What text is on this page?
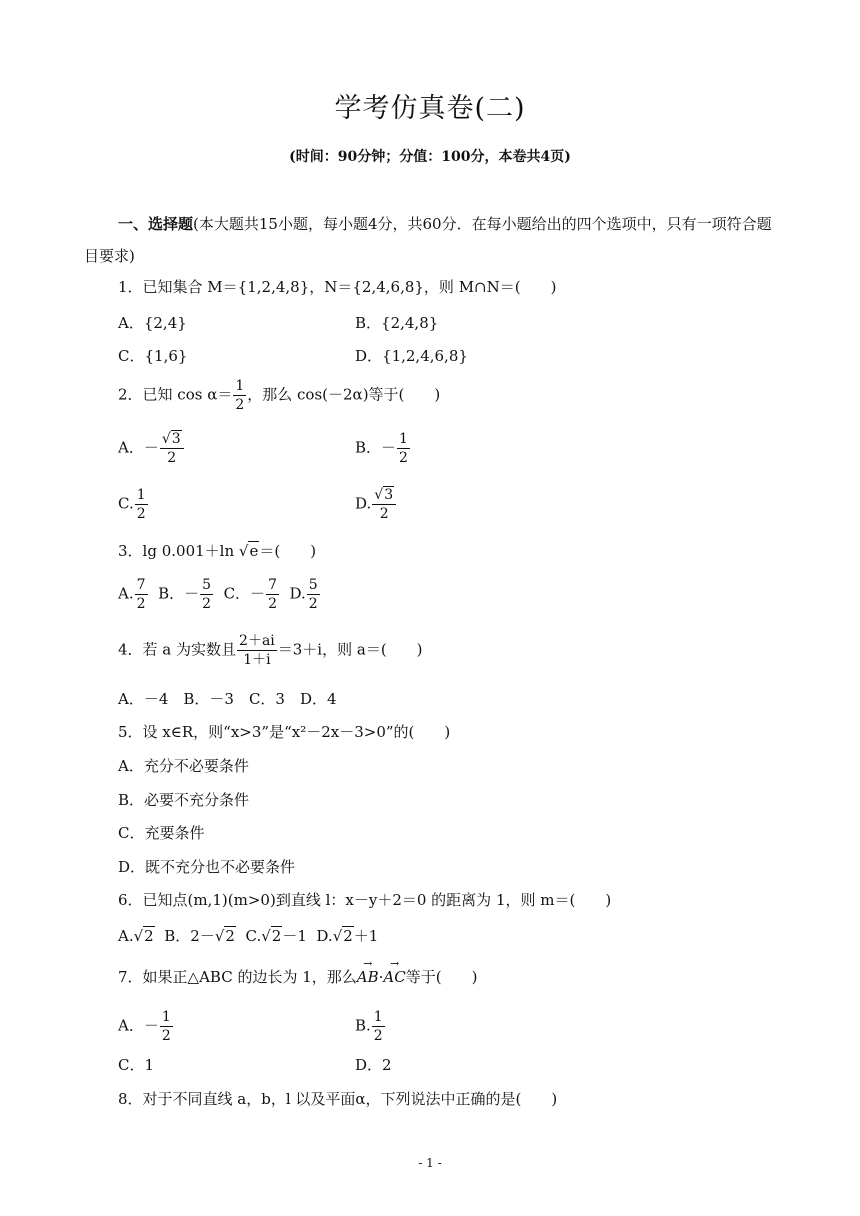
学考仿真卷(二)
(时间：90分钟；分值：100分，本卷共4页)
一、选择题(本大题共15小题，每小题4分，共60分．在每小题给出的四个选项中，只有一项符合题目要求)
1．已知集合 M＝{1,2,4,8}，N＝{2,4,6,8}，则 M∩N＝(　　)
A．{2,4}	B．{2,4,8}
C．{1,6}	D．{1,2,4,6,8}
2．已知 $\cos \alpha= \frac{1}{2}$ ，那么 cos(－2α)等于(　　)
A．－ $\frac{√3}{2}$	B．－ $\frac{1}{2}$
C. $\frac{1}{2}$	D. $\frac{√3}{2}$
3．lg 0.001＋ln √e＝(　　)
A. $\frac{7}{2}$ B．－ $\frac{5}{2}$ C．－ $\frac{7}{2} D$. $\frac{5}{2}$
4．若 a 为实数且 $\frac{2+ai}{1+i} =3+i$，则 a＝(　　)
A．－4　B．－3　C．3　D．4
5．设 x∈R，则“x>3”是“x²－2x－3>0”的(　　)
A．充分不必要条件
B．必要不充分条件
C．充要条件
D．既不充分也不必要条件
6．已知点(m,1)(m>0)到直线 l：x－y＋2＝0 的距离为 1，则 m＝(　　)
A.√2 B．2－√2 C.√2－1 D.√2＋1
7．如果正△ABC 的边长为 1，那么→ AB·→ AC等于(　　)
A．－ $\frac{1}{2}$	B. $\frac{1}{2}$
C．1	D．2
8．对于不同直线 a，b，l 以及平面α，下列说法中正确的是(　　)
- 1 -
